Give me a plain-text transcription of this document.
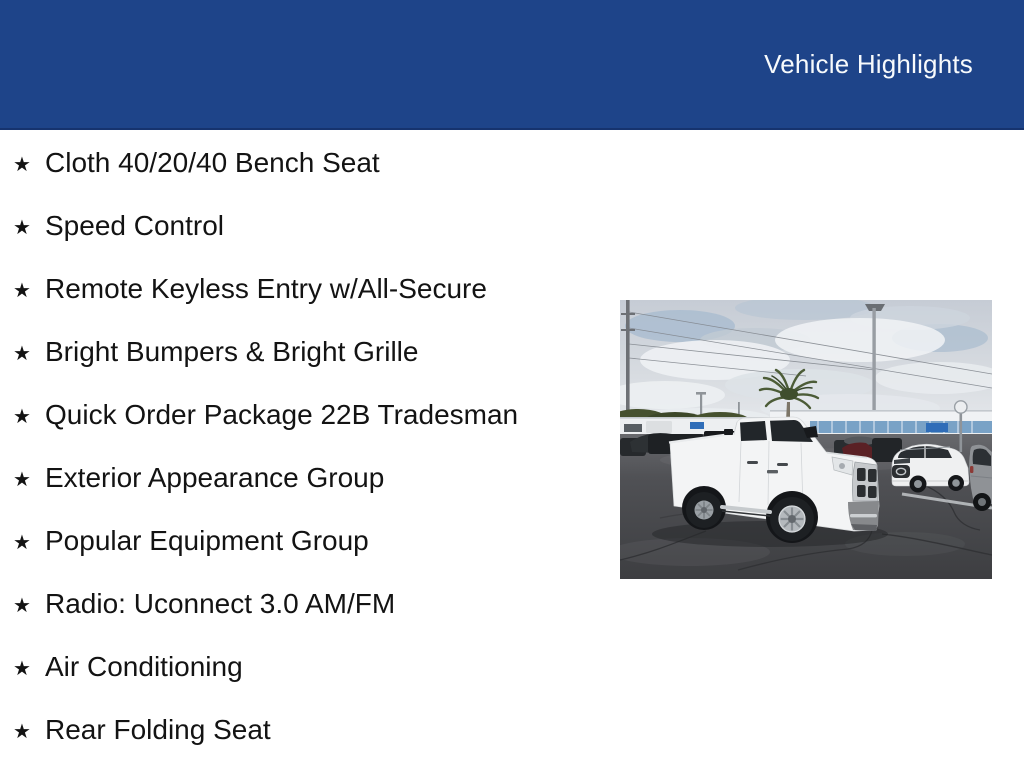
Vehicle Highlights
★ Cloth 40/20/40 Bench Seat
★ Speed Control
★ Remote Keyless Entry w/All-Secure
★ Bright Bumpers & Bright Grille
★ Quick Order Package 22B Tradesman
★ Exterior Appearance Group
★ Popular Equipment Group
★ Radio: Uconnect 3.0 AM/FM
★ Air Conditioning
★ Rear Folding Seat
